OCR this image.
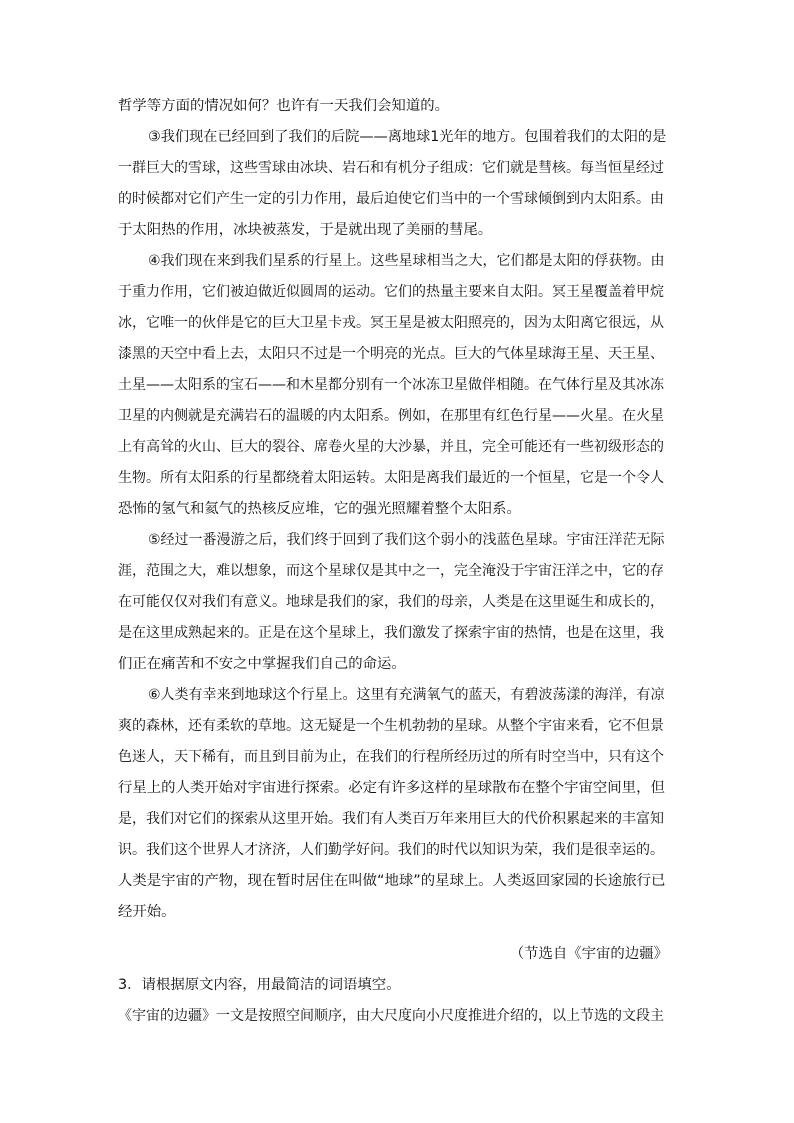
哲学等方面的情况如何？也许有一天我们会知道的。
③我们现在已经回到了我们的后院——离地球1光年的地方。包围着我们的太阳的是
一群巨大的雪球，这些雪球由冰块、岩石和有机分子组成：它们就是彗核。每当恒星经过
的时候都对它们产生一定的引力作用，最后迫使它们当中的一个雪球倾倒到内太阳系。由
于太阳热的作用，冰块被蒸发，于是就出现了美丽的彗尾。
④我们现在来到我们星系的行星上。这些星球相当之大，它们都是太阳的俘获物。由
于重力作用，它们被迫做近似圆周的运动。它们的热量主要来自太阳。冥王星覆盖着甲烷
冰，它唯一的伙伴是它的巨大卫星卡戎。冥王星是被太阳照亮的，因为太阳离它很远，从
漆黑的天空中看上去，太阳只不过是一个明亮的光点。巨大的气体星球海王星、天王星、
土星——太阳系的宝石——和木星都分别有一个冰冻卫星做伴相随。在气体行星及其冰冻
卫星的内侧就是充满岩石的温暖的内太阳系。例如，在那里有红色行星——火星。在火星
上有高耸的火山、巨大的裂谷、席卷火星的大沙暴，并且，完全可能还有一些初级形态的
生物。所有太阳系的行星都绕着太阳运转。太阳是离我们最近的一个恒星，它是一个令人
恐怖的氢气和氦气的热核反应堆，它的强光照耀着整个太阳系。
⑤经过一番漫游之后，我们终于回到了我们这个弱小的浅蓝色星球。宇宙汪洋茫无际
涯，范围之大，难以想象，而这个星球仅是其中之一，完全淹没于宇宙汪洋之中，它的存
在可能仅仅对我们有意义。地球是我们的家，我们的母亲，人类是在这里诞生和成长的，
是在这里成熟起来的。正是在这个星球上，我们激发了探索宇宙的热情，也是在这里，我
们正在痛苦和不安之中掌握我们自己的命运。
⑥人类有幸来到地球这个行星上。这里有充满氧气的蓝天，有碧波荡漾的海洋，有凉
爽的森林，还有柔软的草地。这无疑是一个生机勃勃的星球。从整个宇宙来看，它不但景
色迷人，天下稀有，而且到目前为止，在我们的行程所经历过的所有时空当中，只有这个
行星上的人类开始对宇宙进行探索。必定有许多这样的星球散布在整个宇宙空间里，但
是，我们对它们的探索从这里开始。我们有人类百万年来用巨大的代价积累起来的丰富知
识。我们这个世界人才济济，人们勤学好问。我们的时代以知识为荣，我们是很幸运的。
人类是宇宙的产物，现在暂时居住在叫做“地球”的星球上。人类返回家园的长途旅行已
经开始。
（节选自《宇宙的边疆》
3．请根据原文内容，用最简洁的词语填空。
《宇宙的边疆》一文是按照空间顺序，由大尺度向小尺度推进介绍的，以上节选的文段主
